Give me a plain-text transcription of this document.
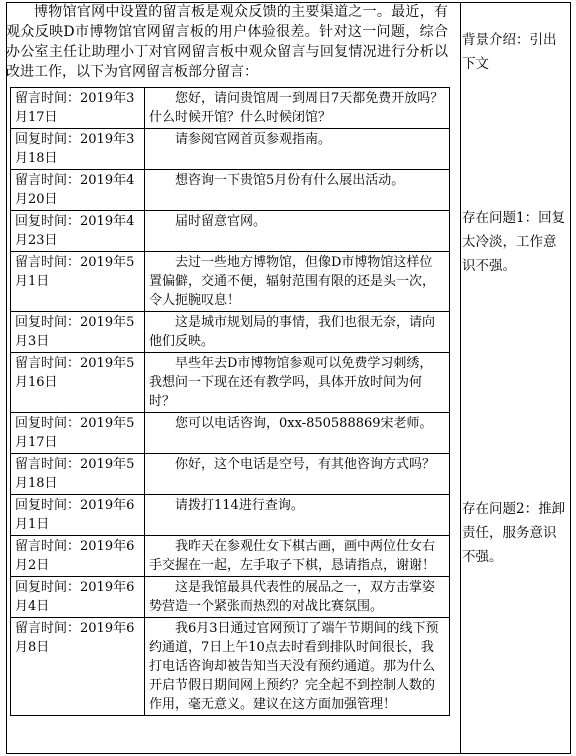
博物馆官网中设置的留言板是观众反馈的主要渠道之一。最近，有观众反映D市博物馆官网留言板的用户体验很差。针对这一问题，综合办公室主任让助理小丁对官网留言板中观众留言与回复情况进行分析以改进工作，以下为官网留言板部分留言：

留言时间：2019年3月17日	您好，请问贵馆周一到周日7天都免费开放吗？什么时候开馆？什么时候闭馆？
回复时间：2019年3月18日	请参阅官网首页参观指南。
留言时间：2019年4月20日	想咨询一下贵馆5月份有什么展出活动。
回复时间：2019年4月23日	届时留意官网。
留言时间：2019年5月1日	去过一些地方博物馆，但像D市博物馆这样位置偏僻，交通不便，辐射范围有限的还是头一次，令人扼腕叹息！
回复时间：2019年5月3日	这是城市规划局的事情，我们也很无奈，请向他们反映。
留言时间：2019年5月16日	早些年去D市博物馆参观可以免费学习刺绣，我想问一下现在还有教学吗，具体开放时间为何时？
回复时间：2019年5月17日	您可以电话咨询，0xx-850588869宋老师。
留言时间：2019年5月18日	你好，这个电话是空号，有其他咨询方式吗？
回复时间：2019年6月1日	请拨打114进行查询。
留言时间：2019年6月2日	我昨天在参观仕女下棋古画，画中两位仕女右手交握在一起，左手取子下棋，恳请指点，谢谢！
回复时间：2019年6月4日	这是我馆最具代表性的展品之一，双方击掌姿势营造一个紧张而热烈的对战比赛氛围。
留言时间：2019年6月8日	我6月3日通过官网预订了端午节期间的线下预约通道，7日上午10点去时看到排队时间很长，我打电话咨询却被告知当天没有预约通道。那为什么开启节假日期间网上预约？完全起不到控制人数的作用，毫无意义。建议在这方面加强管理！
背景介绍：引出下文
存在问题1：回复太冷淡，工作意识不强。
存在问题2：推卸责任，服务意识不强。
